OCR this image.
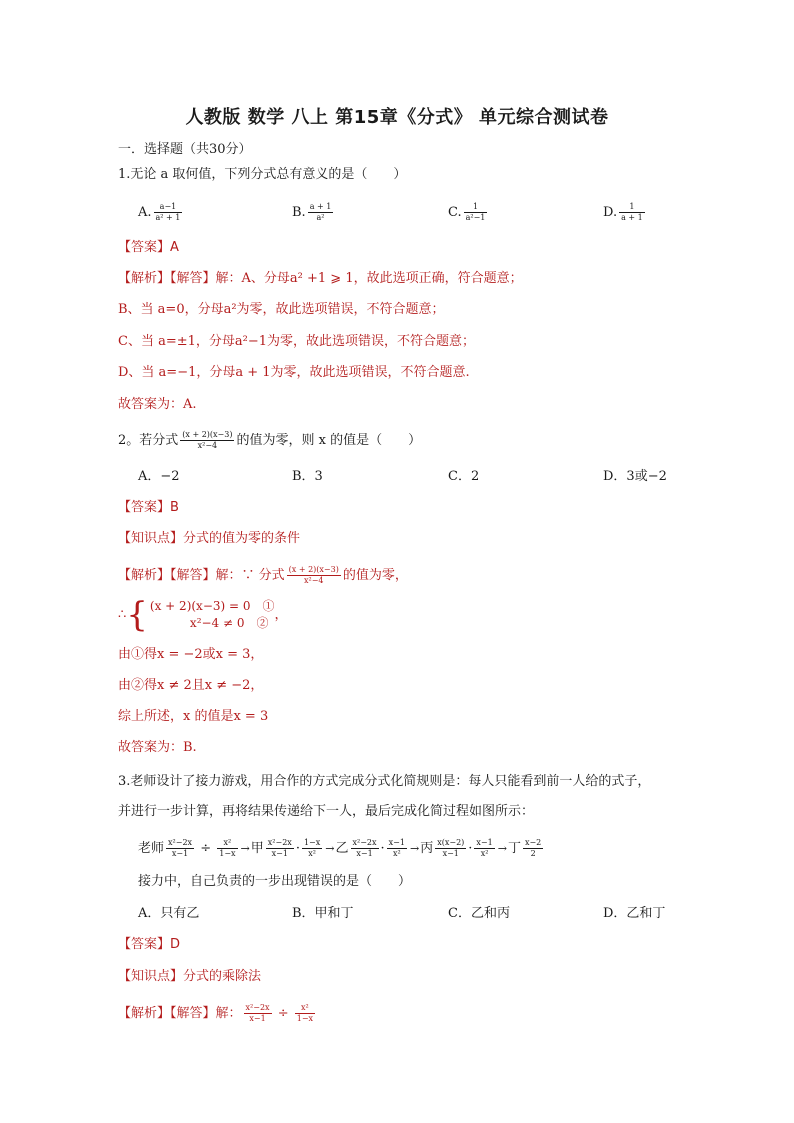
人教版 数学 八上 第15章《分式》 单元综合测试卷
一．选择题（共30分）
1.无论 a 取何值，下列分式总有意义的是（　　）
A. $\frac{a-1}{\text{a² + 1}}$	B. $\frac{a + 1}{\text{a²}}$	C. $\frac{1}{\text{a²−1}}$	D. $\frac{1}{a + 1}$
【答案】A
【解析】【解答】解：A、分母a² +1 ⩾ 1，故此选项正确，符合题意；
B、当 a=0，分母a²为零，故此选项错误，不符合题意；
C、当 a=±1，分母a²−1为零，故此选项错误，不符合题意；
D、当 a=−1，分母a + 1为零，故此选项错误，不符合题意.
故答案为：A.
2。若分式 $\frac{(x + 2)(x-3)}{\text{x²−4}}$ 的值为零，则 x 的值是（　　）
A．−2	B．3	C．2	D．3或−2
【答案】B
【知识点】分式的值为零的条件
【解析】【解答】解：∵ 分式 $\frac{(x + 2)(x-3)}{\text{x²−4}}$ 的值为零，
∴{ (x + 2)(x−3) = 0　①
x²−4 ≠ 0　②，
由①得x = −2或x = 3，
由②得x ≠ 2且x ≠ −2，
综上所述，x 的值是x = 3
故答案为：B.
3.老师设计了接力游戏，用合作的方式完成分式化简规则是：每人只能看到前一人给的式子，
并进行一步计算，再将结果传递给下一人，最后完成化简过程如图所示：
老师 $\frac{\text{x²−2x}}{x-1} \div \frac{\text{x²}}{1-x}$ →甲 $\frac{\text{x²−2x}}{x-1} \cdot \frac{1-x}{\text{x²}}$ →乙 $\frac{\text{x²−2x}}{x-1} \cdot \frac{x-1}{\text{x²}}$ →丙 $\frac{x(x-2)}{x-1} \cdot \frac{x-1}{\text{x²}}$ →丁 $\frac{x-2}{2}$
接力中，自己负责的一步出现错误的是（　　）
A．只有乙	B．甲和丁	C．乙和丙	D．乙和丁
【答案】D
【知识点】分式的乘除法
【解析】【解答】解： $\frac{\text{x²−2x}}{x-1} \div \frac{\text{x²}}{1-x}$
